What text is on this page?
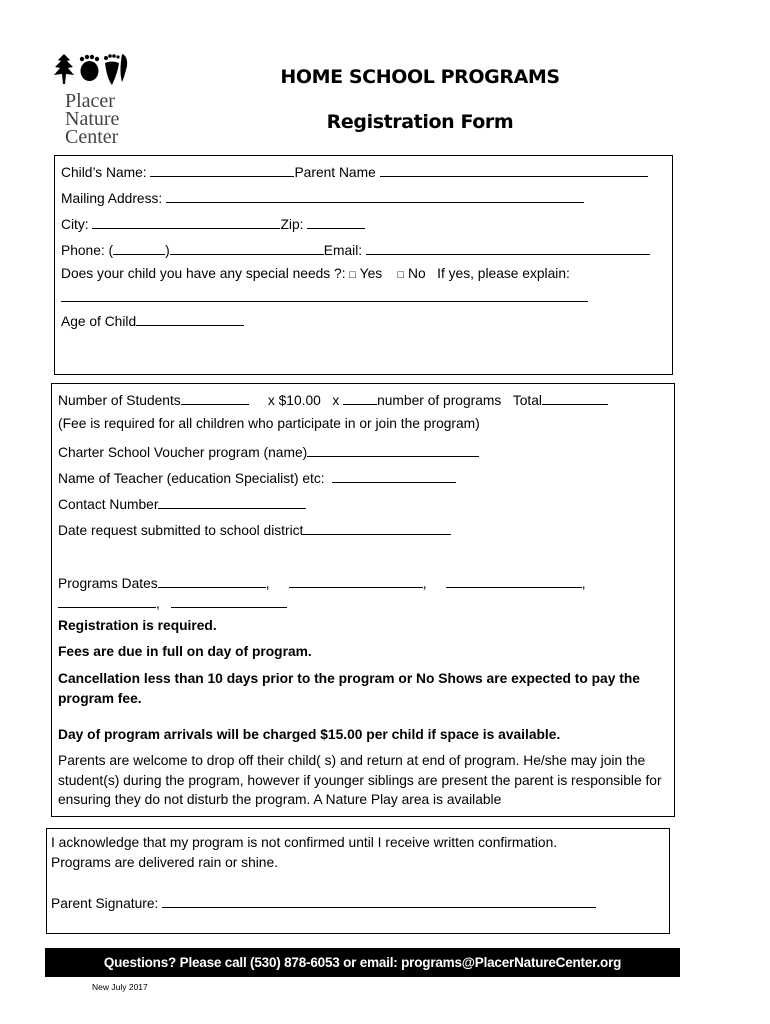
Placer
Nature
Center
HOME SCHOOL PROGRAMS
Registration Form
Child’s Name:	Parent Name
Mailing Address:
City:	Zip:
Phone: (	)	Email:
Does your child you have any special needs ?: □ Yes □ No If yes, please explain:
Age of Child
Number of Students	x $10.00 x	number of programs Total
(Fee is required for all children who participate in or join the program)
Charter School Voucher program (name)
Name of Teacher (education Specialist) etc:
Contact Number
Date request submitted to school district
Programs Dates	,	,	,
,
Registration is required.
Fees are due in full on day of program.
Cancellation less than 10 days prior to the program or No Shows are expected to pay the program fee.
Day of program arrivals will be charged $15.00 per child if space is available.
Parents are welcome to drop off their child( s) and return at end of program. He/she may join the student(s) during the program, however if younger siblings are present the parent is responsible for ensuring they do not disturb the program. A Nature Play area is available
I acknowledge that my program is not confirmed until I receive written confirmation.
Programs are delivered rain or shine.
Parent Signature:
Questions? Please call (530) 878-6053 or email: programs@PlacerNatureCenter.org
New July 2017
